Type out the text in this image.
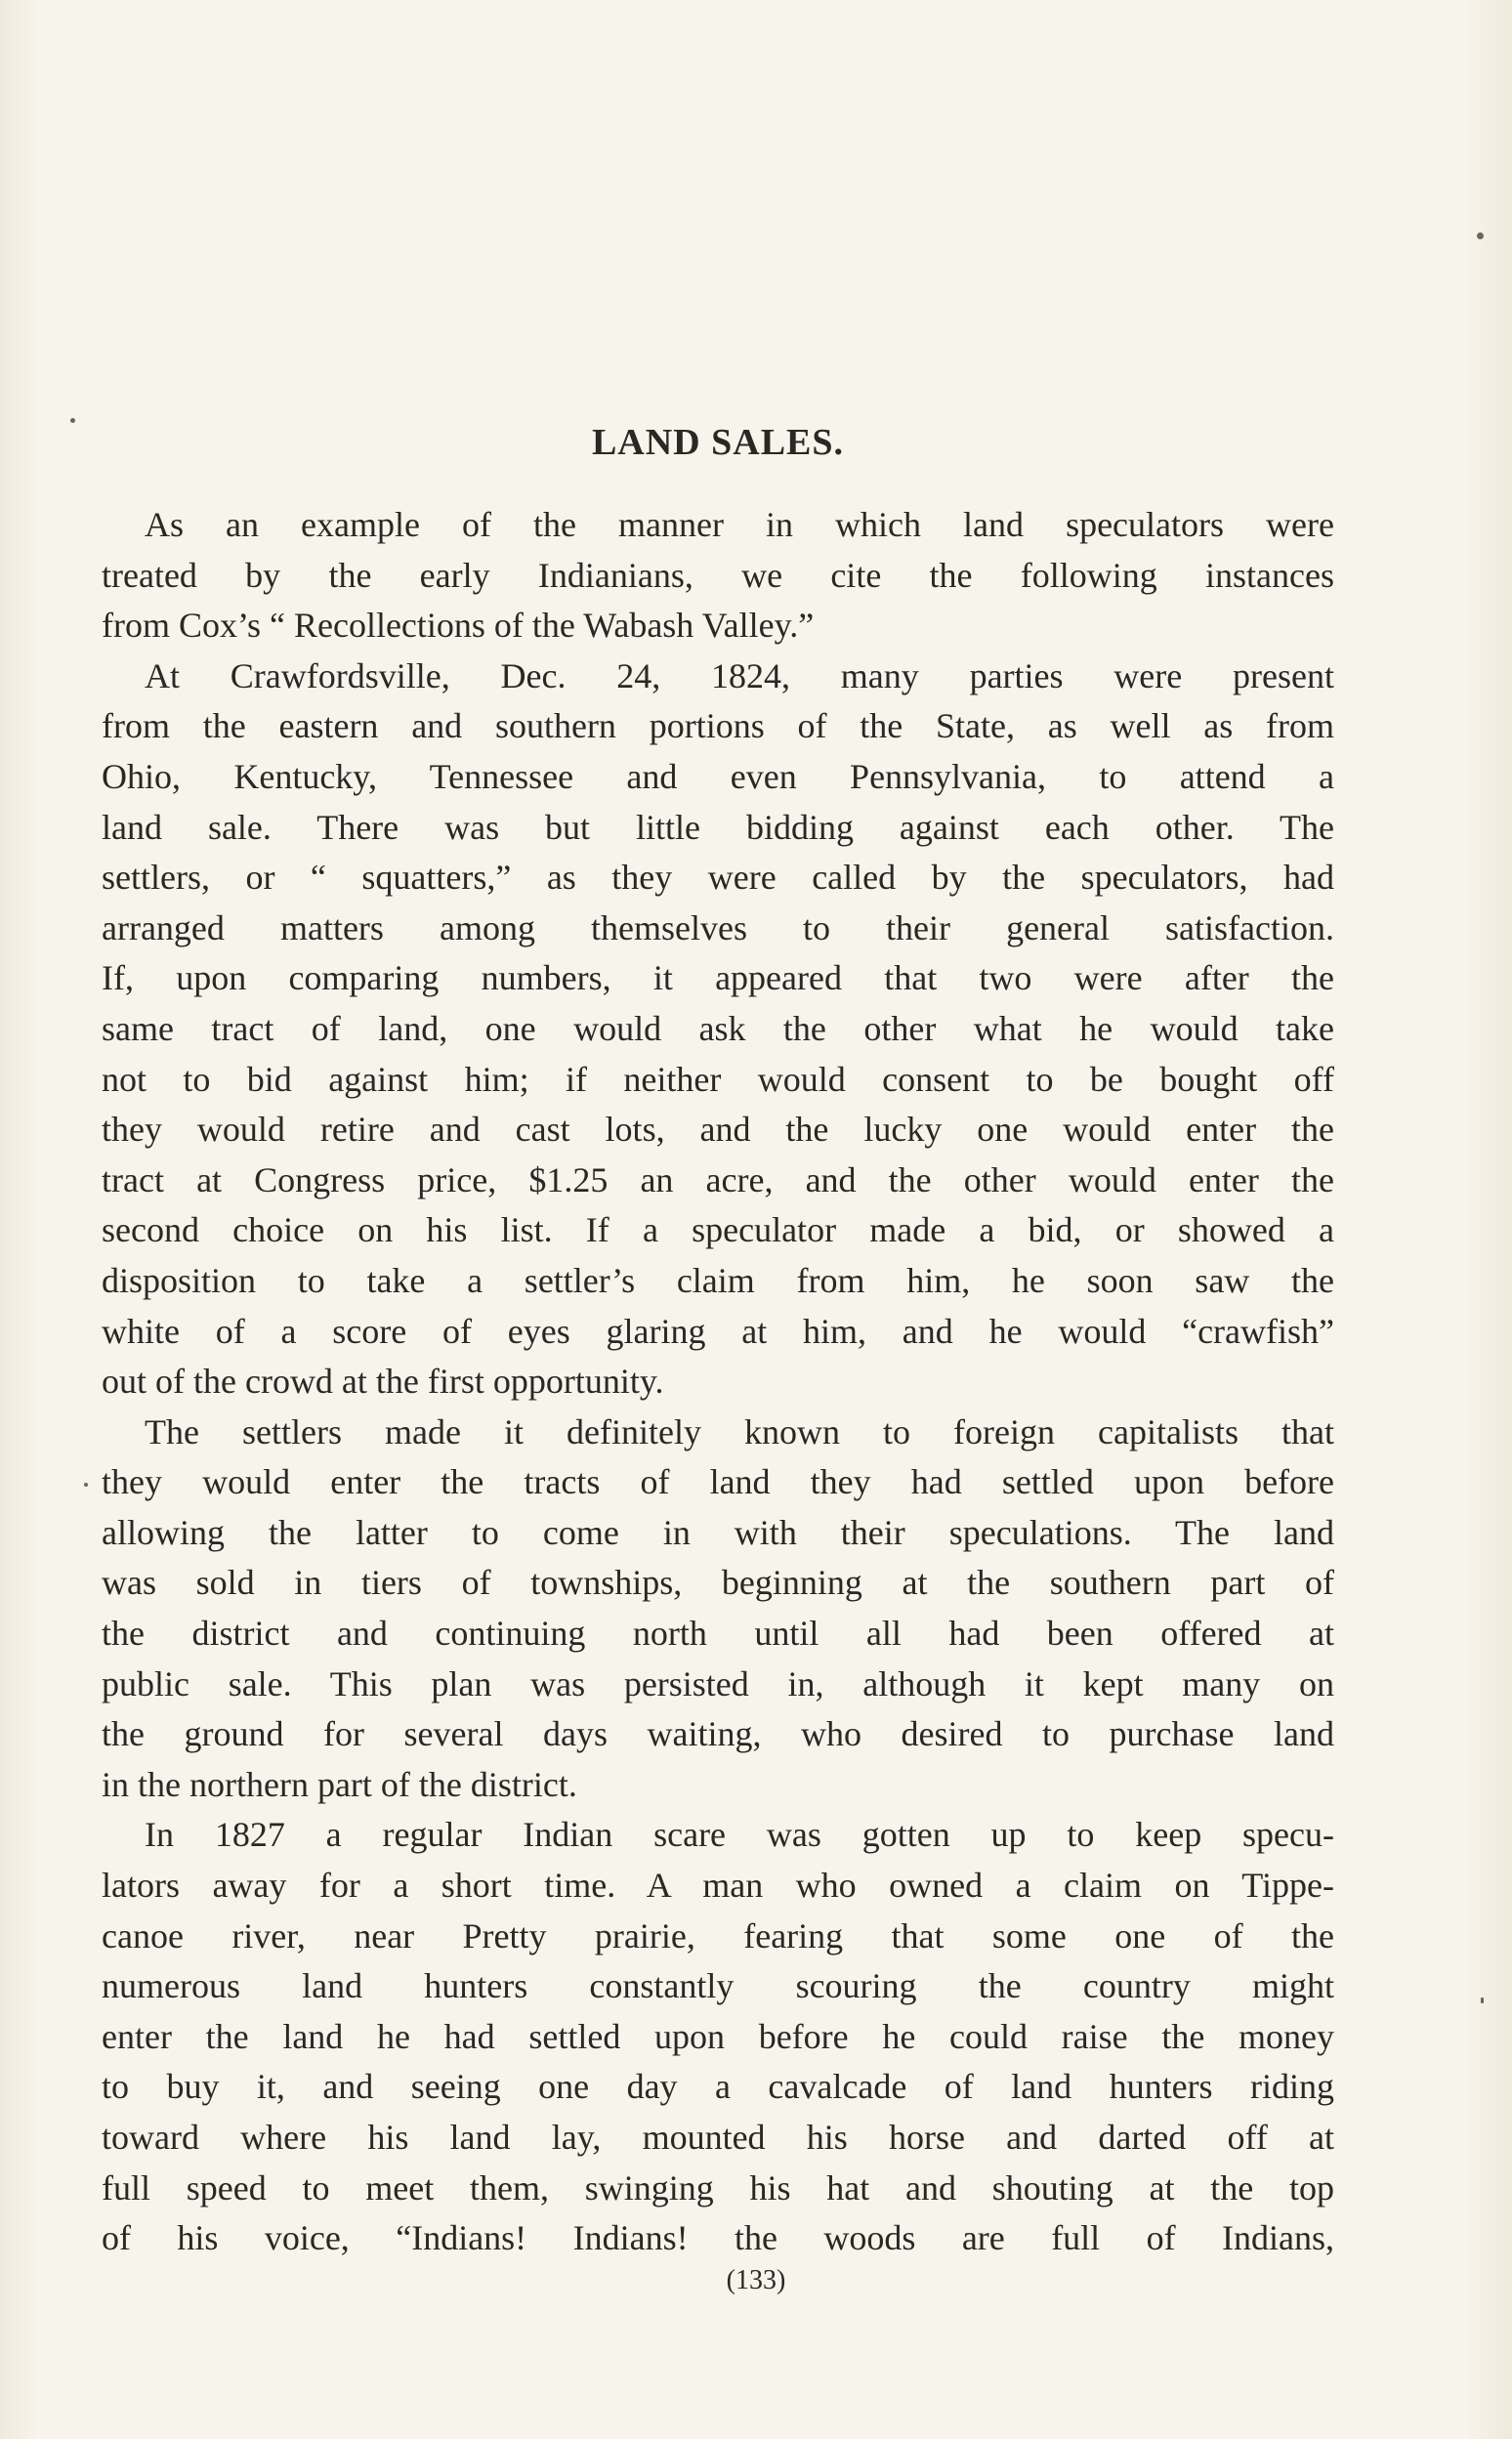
LAND SALES.
As an example of the manner in which land speculators were
treated by the early Indianians, we cite the following instances
from Cox’s “ Recollections of the Wabash Valley.”
At Crawfordsville, Dec. 24, 1824, many parties were present
from the eastern and southern portions of the State, as well as from
Ohio, Kentucky, Tennessee and even Pennsylvania, to attend a
land sale. There was but little bidding against each other. The
settlers, or “ squatters,” as they were called by the speculators, had
arranged matters among themselves to their general satisfaction.
If, upon comparing numbers, it appeared that two were after the
same tract of land, one would ask the other what he would take
not to bid against him; if neither would consent to be bought off
they would retire and cast lots, and the lucky one would enter the
tract at Congress price, $1.25 an acre, and the other would enter the
second choice on his list. If a speculator made a bid, or showed a
disposition to take a settler’s claim from him, he soon saw the
white of a score of eyes glaring at him, and he would “crawfish”
out of the crowd at the first opportunity.
The settlers made it definitely known to foreign capitalists that
they would enter the tracts of land they had settled upon before
allowing the latter to come in with their speculations. The land
was sold in tiers of townships, beginning at the southern part of
the district and continuing north until all had been offered at
public sale. This plan was persisted in, although it kept many on
the ground for several days waiting, who desired to purchase land
in the northern part of the district.
In 1827 a regular Indian scare was gotten up to keep specu-
lators away for a short time. A man who owned a claim on Tippe-
canoe river, near Pretty prairie, fearing that some one of the
numerous land hunters constantly scouring the country might
enter the land he had settled upon before he could raise the money
to buy it, and seeing one day a cavalcade of land hunters riding
toward where his land lay, mounted his horse and darted off at
full speed to meet them, swinging his hat and shouting at the top
of his voice, “Indians! Indians! the woods are full of Indians,
(133)
